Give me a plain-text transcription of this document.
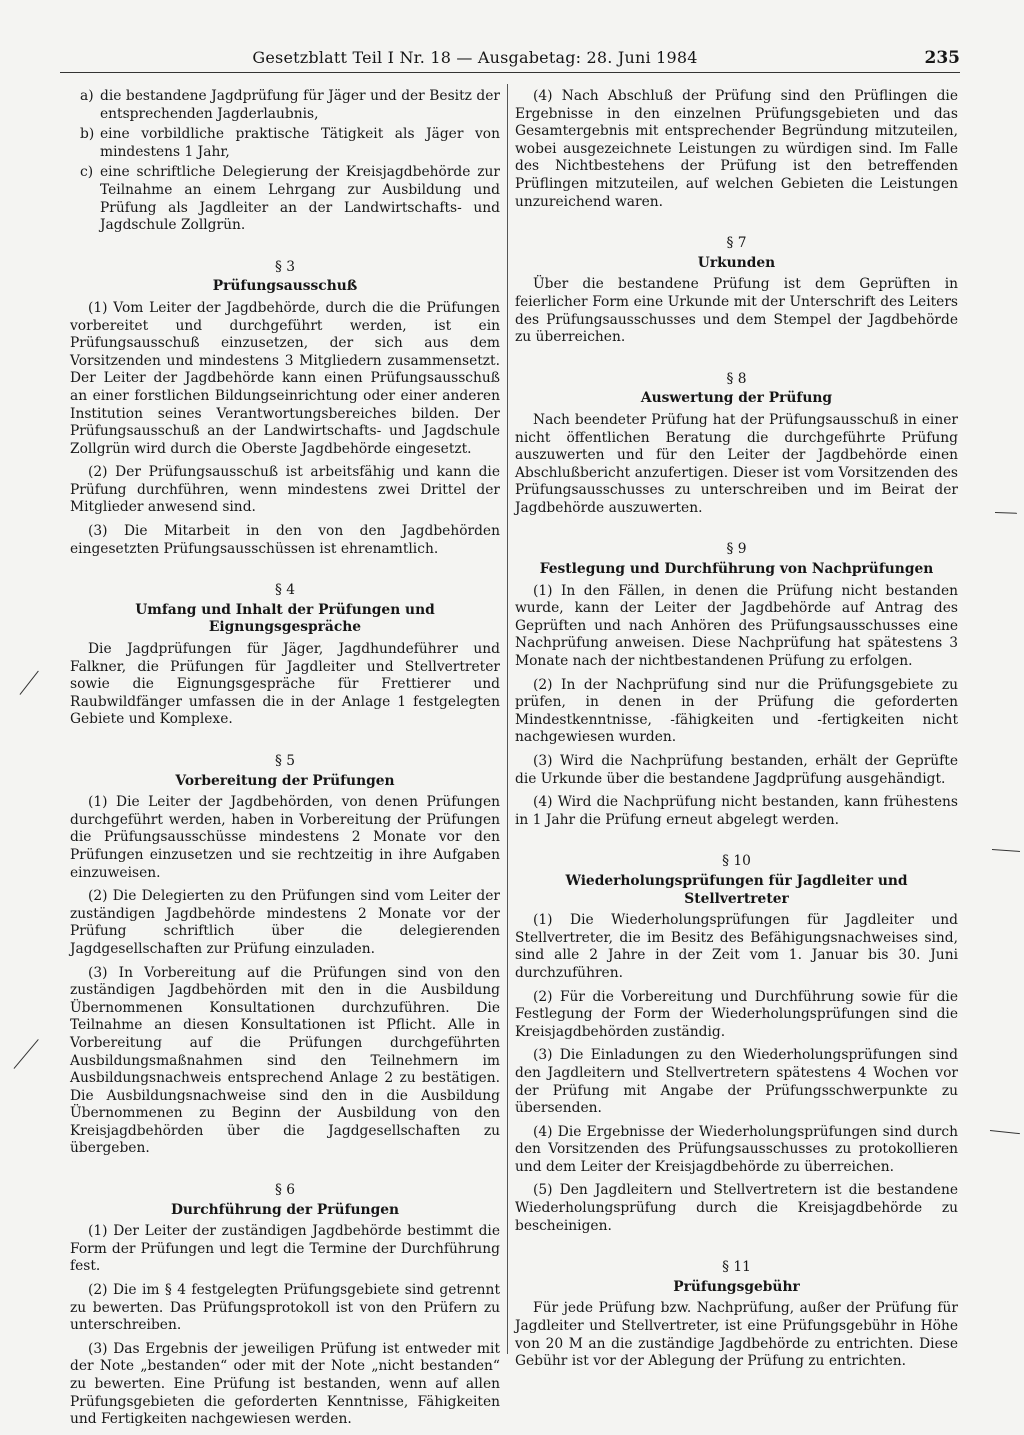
Gesetzblatt Teil I Nr. 18 — Ausgabetag: 28. Juni 1984	235
a) die bestandene Jagdprüfung für Jäger und der Besitz der entsprechenden Jagderlaubnis,
b) eine vorbildliche praktische Tätigkeit als Jäger von mindestens 1 Jahr,
c) eine schriftliche Delegierung der Kreisjagdbehörde zur Teilnahme an einem Lehrgang zur Ausbildung und Prüfung als Jagdleiter an der Landwirtschafts- und Jagdschule Zollgrün.
§ 3
Prüfungsausschuß

(1) Vom Leiter der Jagdbehörde, durch die die Prüfungen vorbereitet und durchgeführt werden, ist ein Prüfungsausschuß einzusetzen, der sich aus dem Vorsitzenden und mindestens 3 Mitgliedern zusammensetzt. Der Leiter der Jagdbehörde kann einen Prüfungsausschuß an einer forstlichen Bildungseinrichtung oder einer anderen Institution seines Verantwortungsbereiches bilden. Der Prüfungsausschuß an der Landwirtschafts- und Jagdschule Zollgrün wird durch die Oberste Jagdbehörde eingesetzt.

(2) Der Prüfungsausschuß ist arbeitsfähig und kann die Prüfung durchführen, wenn mindestens zwei Drittel der Mitglieder anwesend sind.

(3) Die Mitarbeit in den von den Jagdbehörden eingesetzten Prüfungsausschüssen ist ehrenamtlich.

§ 4
Umfang und Inhalt der Prüfungen und Eignungsgespräche

Die Jagdprüfungen für Jäger, Jagdhundeführer und Falkner, die Prüfungen für Jagdleiter und Stellvertreter sowie die Eignungsgespräche für Frettierer und Raubwildfänger umfassen die in der Anlage 1 festgelegten Gebiete und Komplexe.

§ 5
Vorbereitung der Prüfungen

(1) Die Leiter der Jagdbehörden, von denen Prüfungen durchgeführt werden, haben in Vorbereitung der Prüfungen die Prüfungsausschüsse mindestens 2 Monate vor den Prüfungen einzusetzen und sie rechtzeitig in ihre Aufgaben einzuweisen.

(2) Die Delegierten zu den Prüfungen sind vom Leiter der zuständigen Jagdbehörde mindestens 2 Monate vor der Prüfung schriftlich über die delegierenden Jagdgesellschaften zur Prüfung einzuladen.

(3) In Vorbereitung auf die Prüfungen sind von den zuständigen Jagdbehörden mit den in die Ausbildung Übernommenen Konsultationen durchzuführen. Die Teilnahme an diesen Konsultationen ist Pflicht. Alle in Vorbereitung auf die Prüfungen durchgeführten Ausbildungsmaßnahmen sind den Teilnehmern im Ausbildungsnachweis entsprechend Anlage 2 zu bestätigen. Die Ausbildungsnachweise sind den in die Ausbildung Übernommenen zu Beginn der Ausbildung von den Kreisjagdbehörden über die Jagdgesellschaften zu übergeben.

§ 6
Durchführung der Prüfungen

(1) Der Leiter der zuständigen Jagdbehörde bestimmt die Form der Prüfungen und legt die Termine der Durchführung fest.

(2) Die im § 4 festgelegten Prüfungsgebiete sind getrennt zu bewerten. Das Prüfungsprotokoll ist von den Prüfern zu unterschreiben.

(3) Das Ergebnis der jeweiligen Prüfung ist entweder mit der Note „bestanden“ oder mit der Note „nicht bestanden“ zu bewerten. Eine Prüfung ist bestanden, wenn auf allen Prüfungsgebieten die geforderten Kenntnisse, Fähigkeiten und Fertigkeiten nachgewiesen werden.

(4) Nach Abschluß der Prüfung sind den Prüflingen die Ergebnisse in den einzelnen Prüfungsgebieten und das Gesamtergebnis mit entsprechender Begründung mitzuteilen, wobei ausgezeichnete Leistungen zu würdigen sind. Im Falle des Nichtbestehens der Prüfung ist den betreffenden Prüflingen mitzuteilen, auf welchen Gebieten die Leistungen unzureichend waren.

§ 7
Urkunden

Über die bestandene Prüfung ist dem Geprüften in feierlicher Form eine Urkunde mit der Unterschrift des Leiters des Prüfungsausschusses und dem Stempel der Jagdbehörde zu überreichen.

§ 8
Auswertung der Prüfung

Nach beendeter Prüfung hat der Prüfungsausschuß in einer nicht öffentlichen Beratung die durchgeführte Prüfung auszuwerten und für den Leiter der Jagdbehörde einen Abschlußbericht anzufertigen. Dieser ist vom Vorsitzenden des Prüfungsausschusses zu unterschreiben und im Beirat der Jagdbehörde auszuwerten.

§ 9
Festlegung und Durchführung von Nachprüfungen

(1) In den Fällen, in denen die Prüfung nicht bestanden wurde, kann der Leiter der Jagdbehörde auf Antrag des Geprüften und nach Anhören des Prüfungsausschusses eine Nachprüfung anweisen. Diese Nachprüfung hat spätestens 3 Monate nach der nichtbestandenen Prüfung zu erfolgen.

(2) In der Nachprüfung sind nur die Prüfungsgebiete zu prüfen, in denen in der Prüfung die geforderten Mindestkenntnisse, -fähigkeiten und -fertigkeiten nicht nachgewiesen wurden.

(3) Wird die Nachprüfung bestanden, erhält der Geprüfte die Urkunde über die bestandene Jagdprüfung ausgehändigt.

(4) Wird die Nachprüfung nicht bestanden, kann frühestens in 1 Jahr die Prüfung erneut abgelegt werden.

§ 10
Wiederholungsprüfungen für Jagdleiter und Stellvertreter

(1) Die Wiederholungsprüfungen für Jagdleiter und Stellvertreter, die im Besitz des Befähigungsnachweises sind, sind alle 2 Jahre in der Zeit vom 1. Januar bis 30. Juni durchzuführen.

(2) Für die Vorbereitung und Durchführung sowie für die Festlegung der Form der Wiederholungsprüfungen sind die Kreisjagdbehörden zuständig.

(3) Die Einladungen zu den Wiederholungsprüfungen sind den Jagdleitern und Stellvertretern spätestens 4 Wochen vor der Prüfung mit Angabe der Prüfungsschwerpunkte zu übersenden.

(4) Die Ergebnisse der Wiederholungsprüfungen sind durch den Vorsitzenden des Prüfungsausschusses zu protokollieren und dem Leiter der Kreisjagdbehörde zu überreichen.

(5) Den Jagdleitern und Stellvertretern ist die bestandene Wiederholungsprüfung durch die Kreisjagdbehörde zu bescheinigen.

§ 11
Prüfungsgebühr

Für jede Prüfung bzw. Nachprüfung, außer der Prüfung für Jagdleiter und Stellvertreter, ist eine Prüfungsgebühr in Höhe von 20 M an die zuständige Jagdbehörde zu entrichten. Diese Gebühr ist vor der Ablegung der Prüfung zu entrichten.
